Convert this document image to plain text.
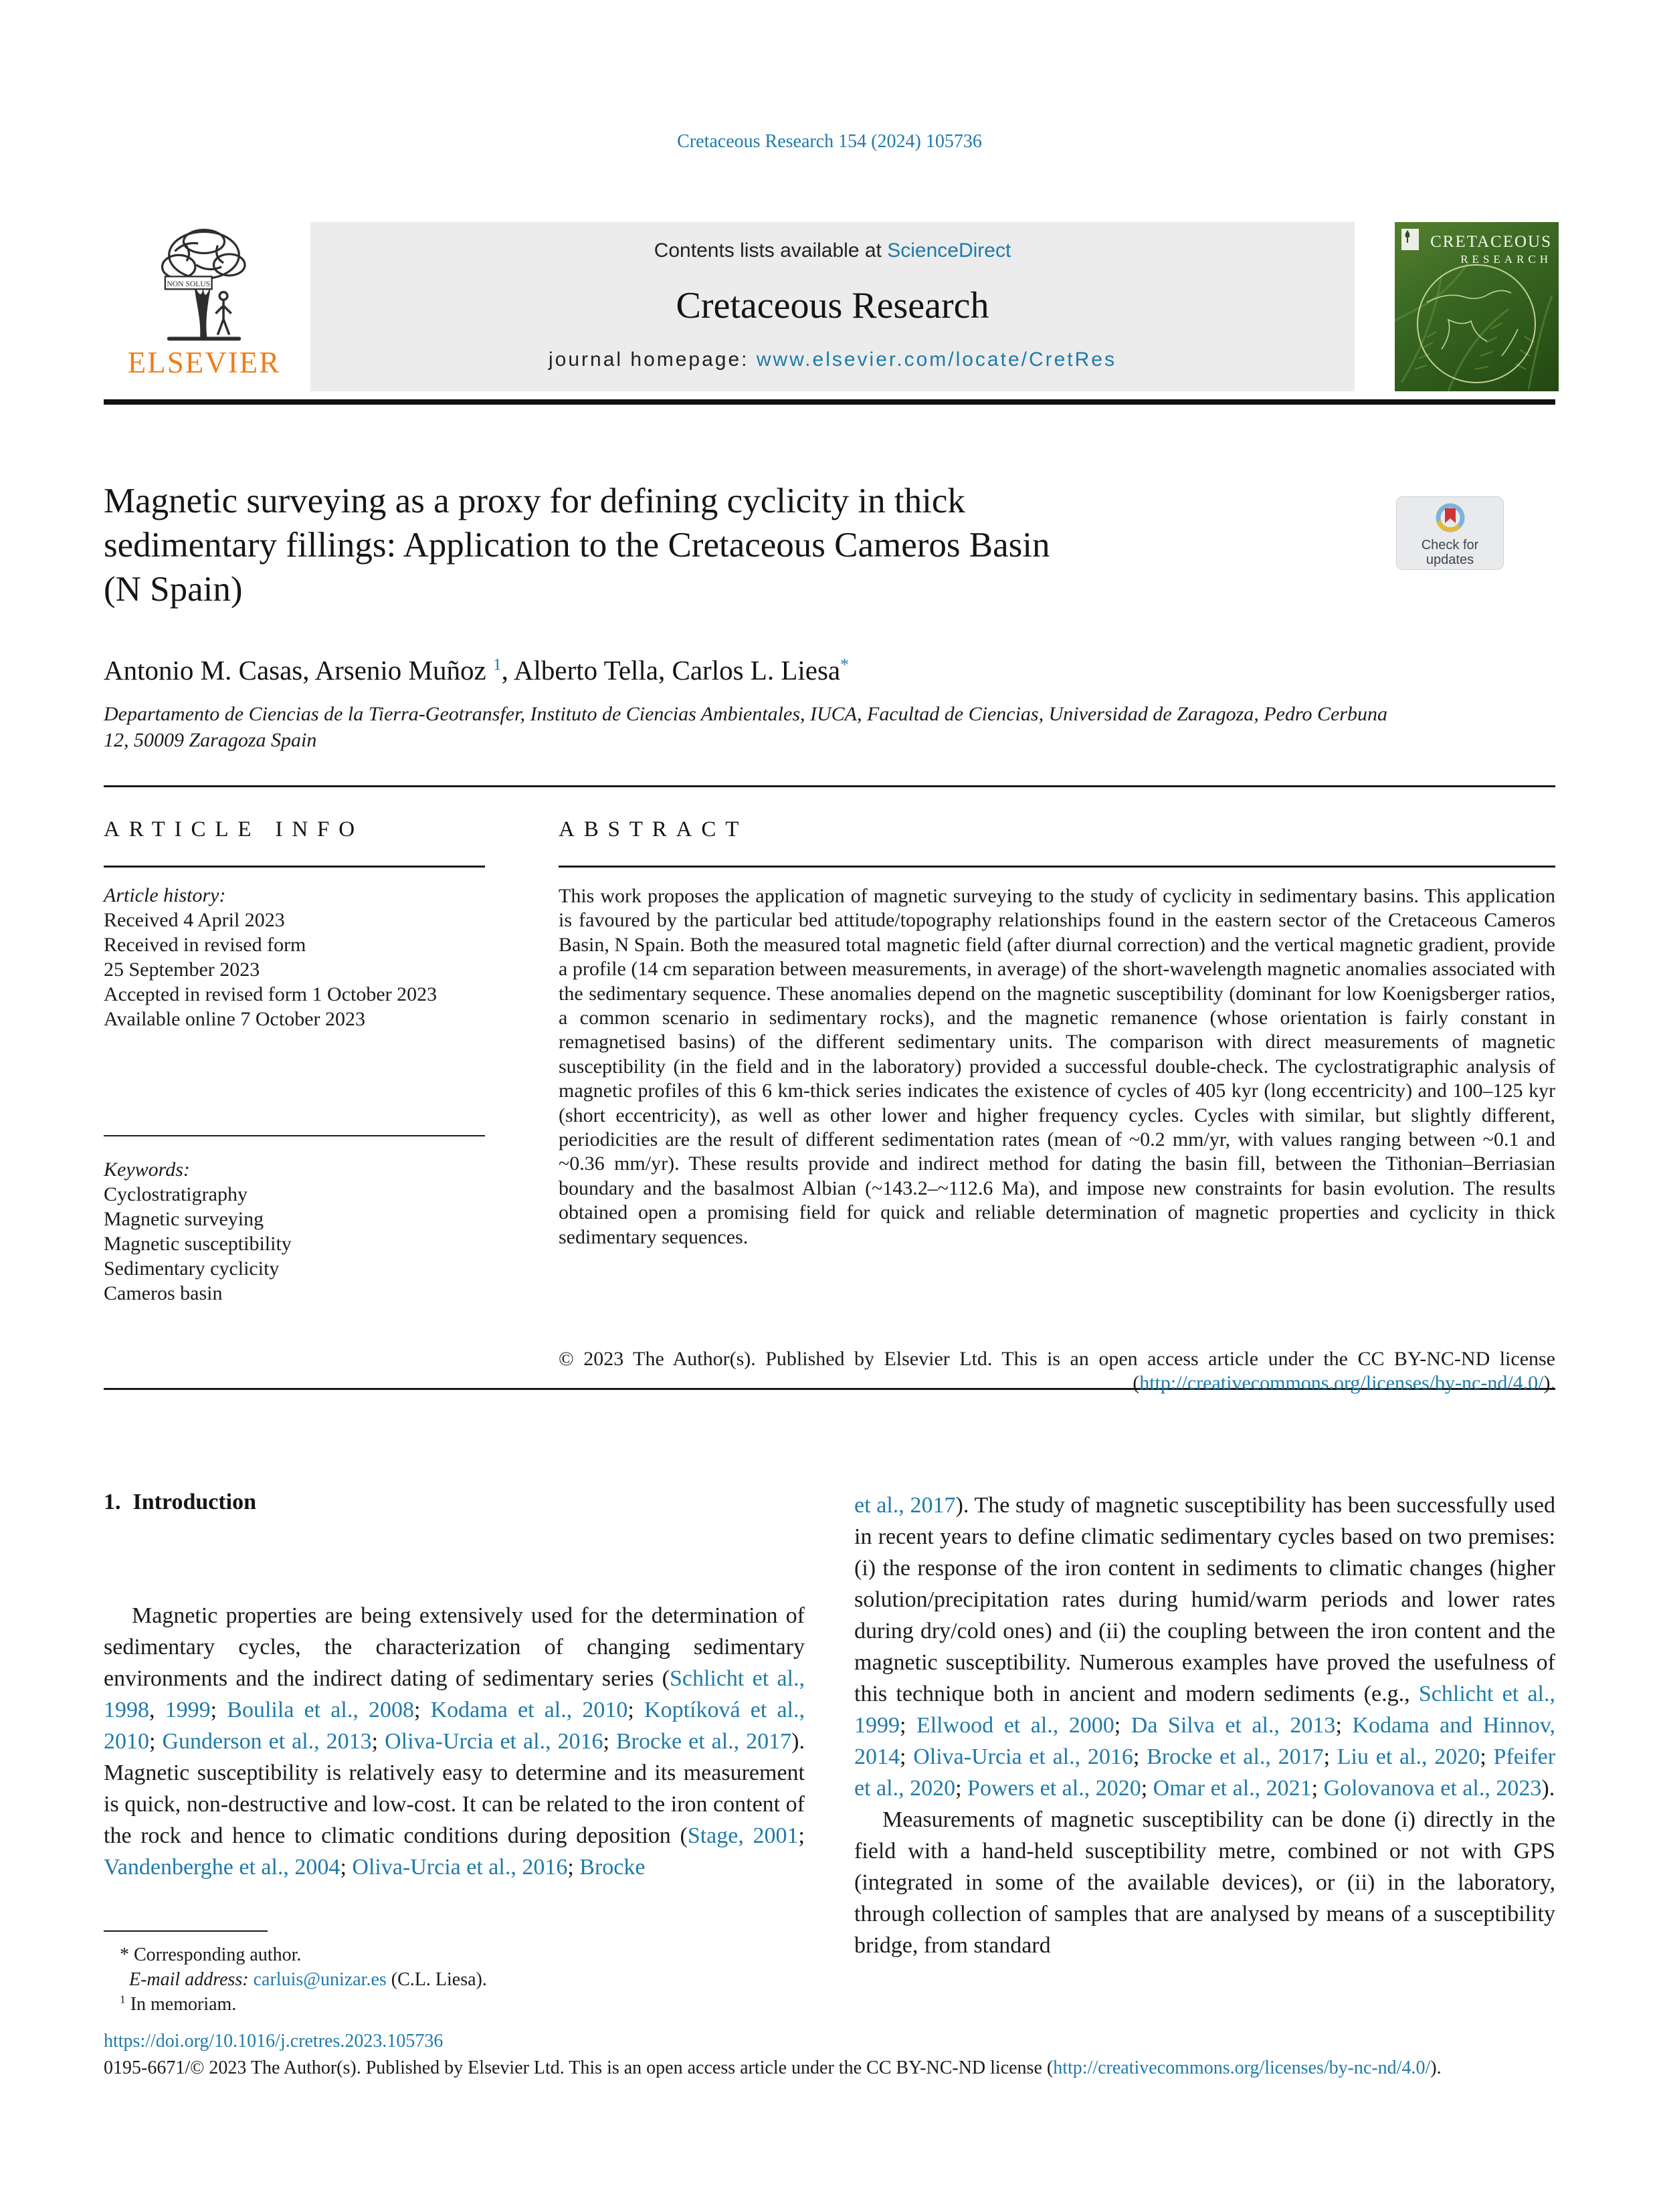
Cretaceous Research 154 (2024) 105736
NON SOLUS
ELSEVIER
Contents lists available at ScienceDirect
Cretaceous Research
journal homepage: www.elsevier.com/locate/CretRes
CRETACEOUS
RESEARCH
Magnetic surveying as a proxy for defining cyclicity in thick
sedimentary fillings: Application to the Cretaceous Cameros Basin
(N Spain)
Check for
updates
Antonio M. Casas, Arsenio Muñoz $^1$, Alberto Tella, Carlos L. Liesa*
Departamento de Ciencias de la Tierra-Geotransfer, Instituto de Ciencias Ambientales, IUCA, Facultad de Ciencias, Universidad de Zaragoza, Pedro Cerbuna 12, 50009 Zaragoza Spain
ARTICLE INFO
Article history:
Received 4 April 2023
Received in revised form
25 September 2023
Accepted in revised form 1 October 2023
Available online 7 October 2023
Keywords:
Cyclostratigraphy
Magnetic surveying
Magnetic susceptibility
Sedimentary cyclicity
Cameros basin
ABSTRACT
This work proposes the application of magnetic surveying to the study of cyclicity in sedimentary basins. This application is favoured by the particular bed attitude/topography relationships found in the eastern sector of the Cretaceous Cameros Basin, N Spain. Both the measured total magnetic field (after diurnal correction) and the vertical magnetic gradient, provide a profile (14 cm separation between measurements, in average) of the short-wavelength magnetic anomalies associated with the sedimentary sequence. These anomalies depend on the magnetic susceptibility (dominant for low Koenigsberger ratios, a common scenario in sedimentary rocks), and the magnetic remanence (whose orientation is fairly constant in remagnetised basins) of the different sedimentary units. The comparison with direct measurements of magnetic susceptibility (in the field and in the laboratory) provided a successful double-check. The cyclostratigraphic analysis of magnetic profiles of this 6 km-thick series indicates the existence of cycles of 405 kyr (long eccentricity) and 100–125 kyr (short eccentricity), as well as other lower and higher frequency cycles. Cycles with similar, but slightly different, periodicities are the result of different sedimentation rates (mean of ~0.2 mm/yr, with values ranging between ~0.1 and ~0.36 mm/yr). These results provide and indirect method for dating the basin fill, between the Tithonian–Berriasian boundary and the basalmost Albian (~143.2–~112.6 Ma), and impose new constraints for basin evolution. The results obtained open a promising field for quick and reliable determination of magnetic properties and cyclicity in thick sedimentary sequences.
© 2023 The Author(s). Published by Elsevier Ltd. This is an open access article under the CC BY-NC-ND license (http://creativecommons.org/licenses/by-nc-nd/4.0/).
1. Introduction
Magnetic properties are being extensively used for the determination of sedimentary cycles, the characterization of changing sedimentary environments and the indirect dating of sedimentary series (Schlicht et al., 1998, 1999; Boulila et al., 2008; Kodama et al., 2010; Koptíková et al., 2010; Gunderson et al., 2013; Oliva-Urcia et al., 2016; Brocke et al., 2017). Magnetic susceptibility is relatively easy to determine and its measurement is quick, non-destructive and low-cost. It can be related to the iron content of the rock and hence to climatic conditions during deposition (Stage, 2001; Vandenberghe et al., 2004; Oliva-Urcia et al., 2016; Brocke
et al., 2017). The study of magnetic susceptibility has been successfully used in recent years to define climatic sedimentary cycles based on two premises: (i) the response of the iron content in sediments to climatic changes (higher solution/precipitation rates during humid/warm periods and lower rates during dry/cold ones) and (ii) the coupling between the iron content and the magnetic susceptibility. Numerous examples have proved the usefulness of this technique both in ancient and modern sediments (e.g., Schlicht et al., 1999; Ellwood et al., 2000; Da Silva et al., 2013; Kodama and Hinnov, 2014; Oliva-Urcia et al., 2016; Brocke et al., 2017; Liu et al., 2020; Pfeifer et al., 2020; Powers et al., 2020; Omar et al., 2021; Golovanova et al., 2023).
Measurements of magnetic susceptibility can be done (i) directly in the field with a hand-held susceptibility metre, combined or not with GPS (integrated in some of the available devices), or (ii) in the laboratory, through collection of samples that are analysed by means of a susceptibility bridge, from standard
* Corresponding author.
E-mail address: carluis@unizar.es (C.L. Liesa).
$^1$ In memoriam.
https://doi.org/10.1016/j.cretres.2023.105736
0195-6671/© 2023 The Author(s). Published by Elsevier Ltd. This is an open access article under the CC BY-NC-ND license (http://creativecommons.org/licenses/by-nc-nd/4.0/).
